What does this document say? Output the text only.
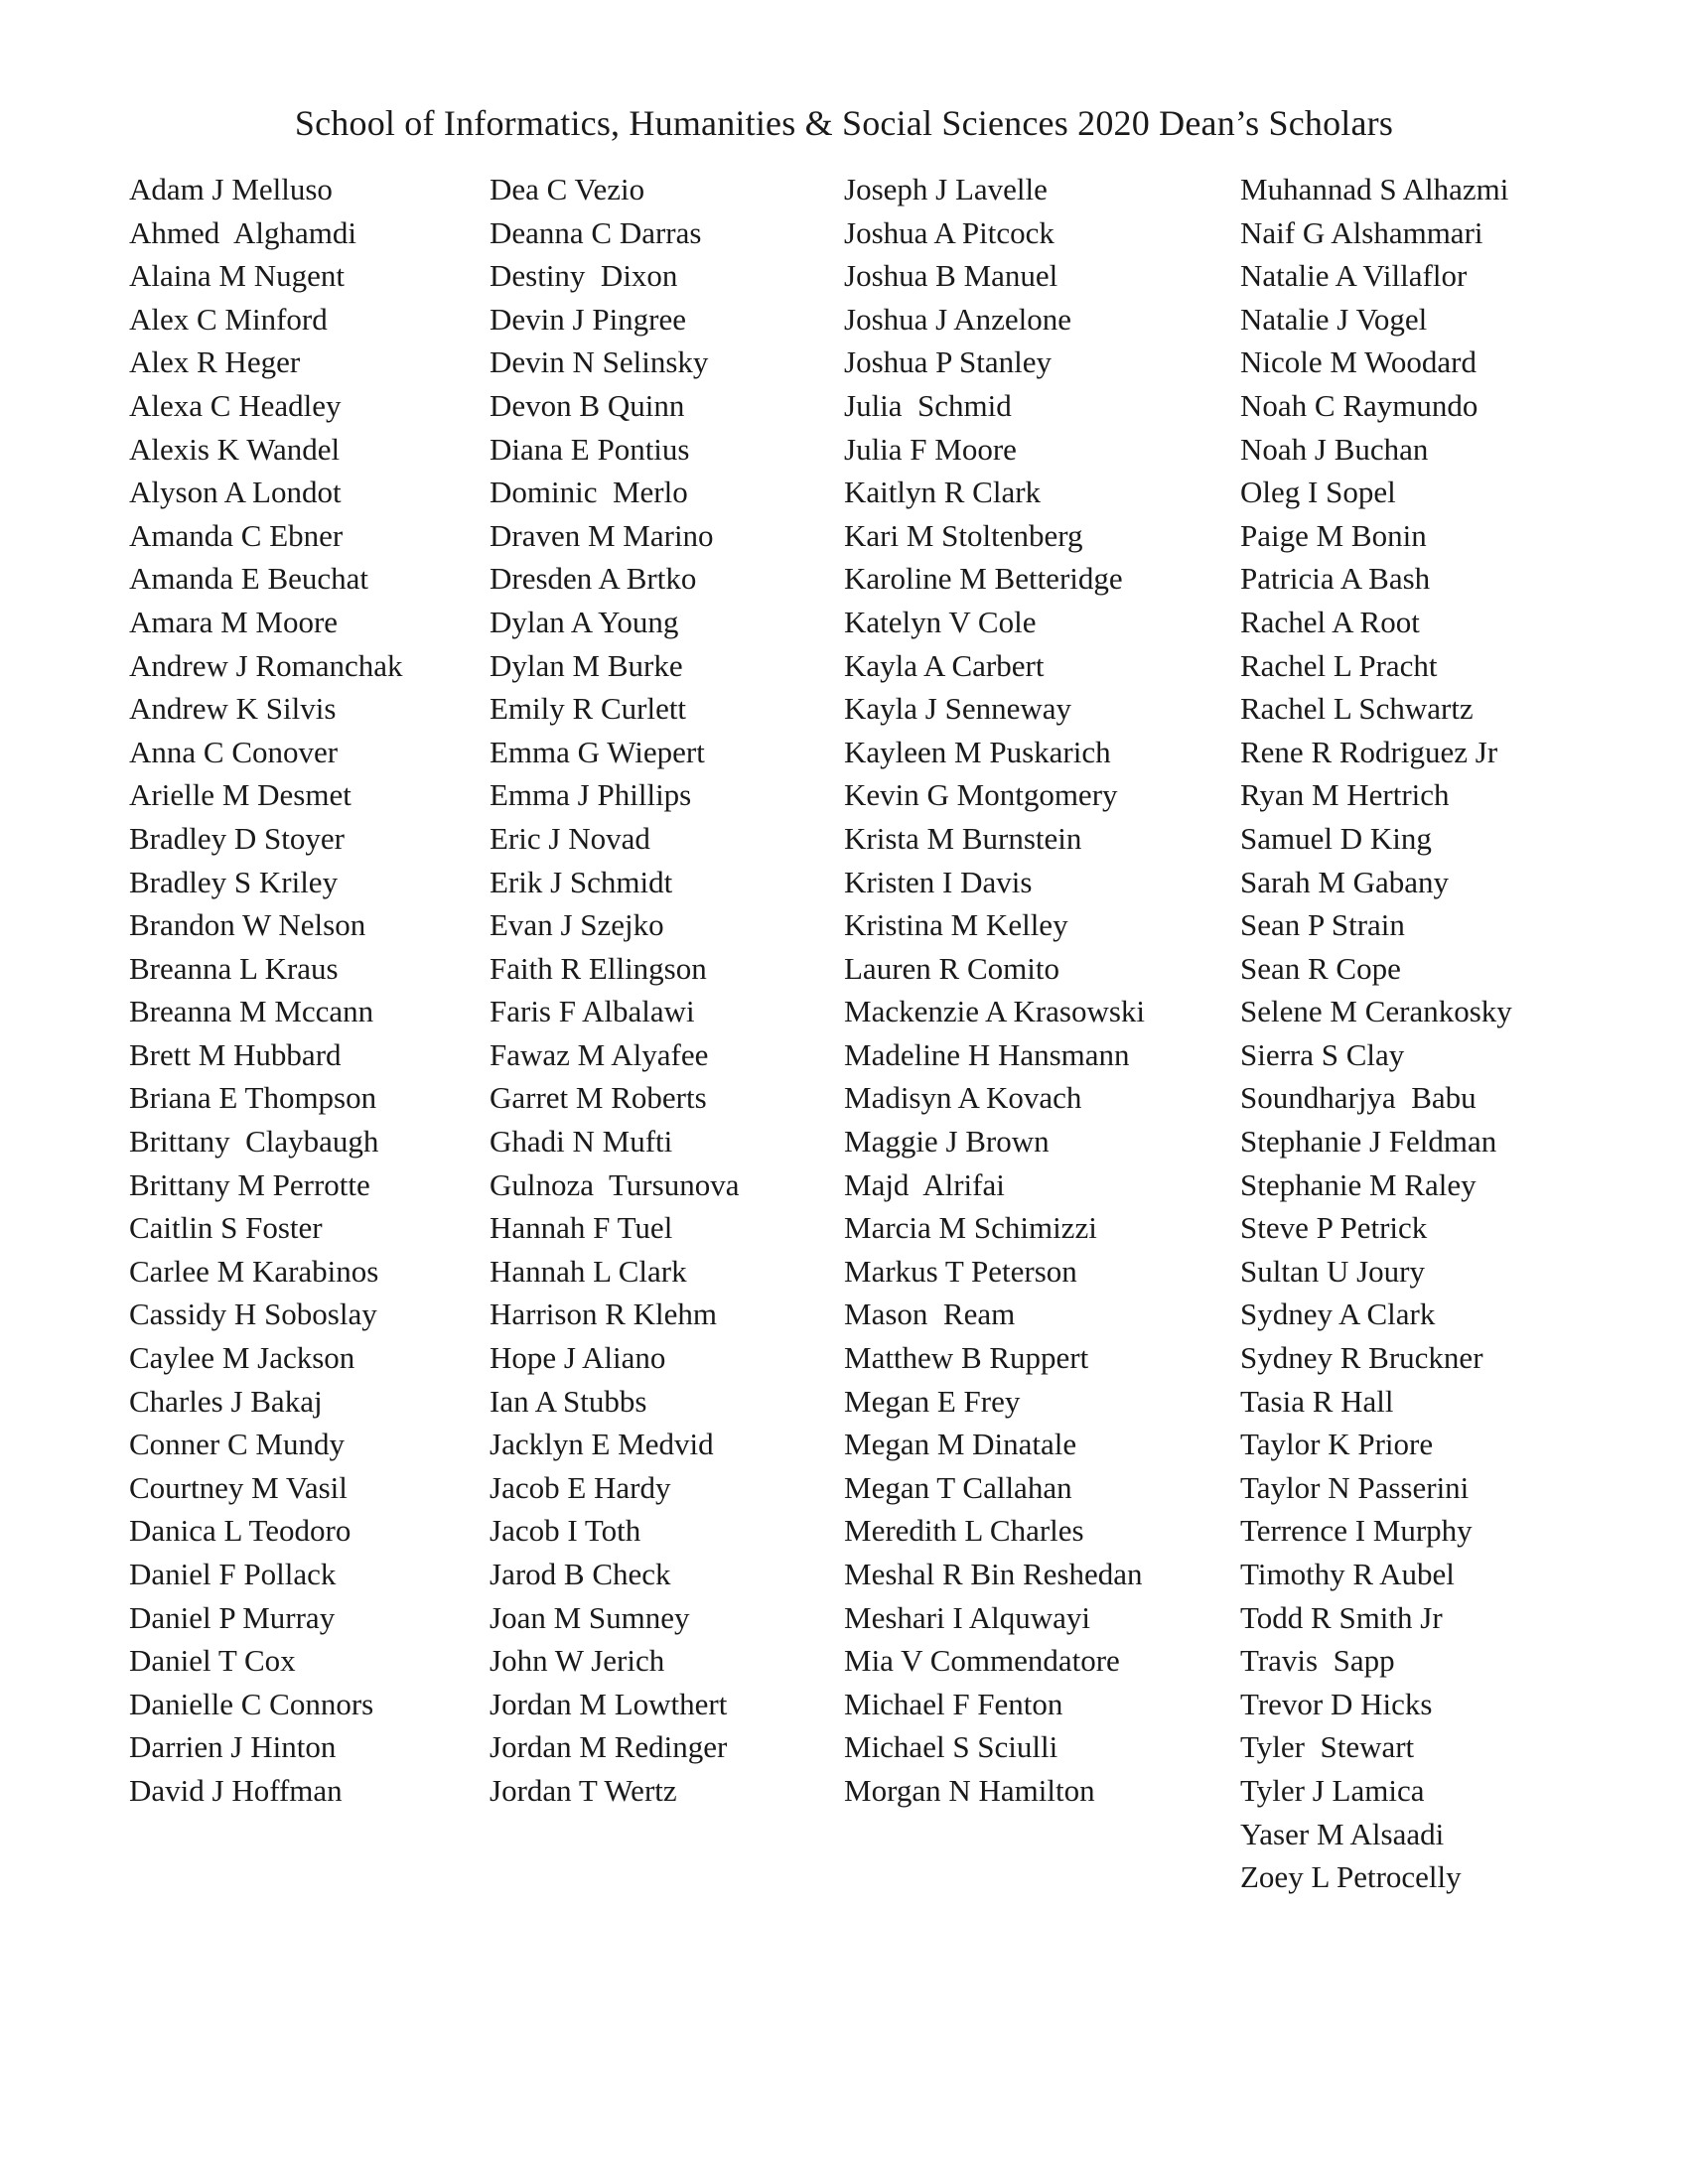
School of Informatics, Humanities & Social Sciences 2020 Dean’s Scholars
Adam J Melluso
Ahmed  Alghamdi
Alaina M Nugent
Alex C Minford
Alex R Heger
Alexa C Headley
Alexis K Wandel
Alyson A Londot
Amanda C Ebner
Amanda E Beuchat
Amara M Moore
Andrew J Romanchak
Andrew K Silvis
Anna C Conover
Arielle M Desmet
Bradley D Stoyer
Bradley S Kriley
Brandon W Nelson
Breanna L Kraus
Breanna M Mccann
Brett M Hubbard
Briana E Thompson
Brittany  Claybaugh
Brittany M Perrotte
Caitlin S Foster
Carlee M Karabinos
Cassidy H Soboslay
Caylee M Jackson
Charles J Bakaj
Conner C Mundy
Courtney M Vasil
Danica L Teodoro
Daniel F Pollack
Daniel P Murray
Daniel T Cox
Danielle C Connors
Darrien J Hinton
David J Hoffman
Dea C Vezio
Deanna C Darras
Destiny  Dixon
Devin J Pingree
Devin N Selinsky
Devon B Quinn
Diana E Pontius
Dominic  Merlo
Draven M Marino
Dresden A Brtko
Dylan A Young
Dylan M Burke
Emily R Curlett
Emma G Wiepert
Emma J Phillips
Eric J Novad
Erik J Schmidt
Evan J Szejko
Faith R Ellingson
Faris F Albalawi
Fawaz M Alyafee
Garret M Roberts
Ghadi N Mufti
Gulnoza  Tursunova
Hannah F Tuel
Hannah L Clark
Harrison R Klehm
Hope J Aliano
Ian A Stubbs
Jacklyn E Medvid
Jacob E Hardy
Jacob I Toth
Jarod B Check
Joan M Sumney
John W Jerich
Jordan M Lowthert
Jordan M Redinger
Jordan T Wertz
Joseph J Lavelle
Joshua A Pitcock
Joshua B Manuel
Joshua J Anzelone
Joshua P Stanley
Julia  Schmid
Julia F Moore
Kaitlyn R Clark
Kari M Stoltenberg
Karoline M Betteridge
Katelyn V Cole
Kayla A Carbert
Kayla J Senneway
Kayleen M Puskarich
Kevin G Montgomery
Krista M Burnstein
Kristen I Davis
Kristina M Kelley
Lauren R Comito
Mackenzie A Krasowski
Madeline H Hansmann
Madisyn A Kovach
Maggie J Brown
Majd  Alrifai
Marcia M Schimizzi
Markus T Peterson
Mason  Ream
Matthew B Ruppert
Megan E Frey
Megan M Dinatale
Megan T Callahan
Meredith L Charles
Meshal R Bin Reshedan
Meshari I Alquwayi
Mia V Commendatore
Michael F Fenton
Michael S Sciulli
Morgan N Hamilton
Muhannad S Alhazmi
Naif G Alshammari
Natalie A Villaflor
Natalie J Vogel
Nicole M Woodard
Noah C Raymundo
Noah J Buchan
Oleg I Sopel
Paige M Bonin
Patricia A Bash
Rachel A Root
Rachel L Pracht
Rachel L Schwartz
Rene R Rodriguez Jr
Ryan M Hertrich
Samuel D King
Sarah M Gabany
Sean P Strain
Sean R Cope
Selene M Cerankosky
Sierra S Clay
Soundharjya  Babu
Stephanie J Feldman
Stephanie M Raley
Steve P Petrick
Sultan U Joury
Sydney A Clark
Sydney R Bruckner
Tasia R Hall
Taylor K Priore
Taylor N Passerini
Terrence I Murphy
Timothy R Aubel
Todd R Smith Jr
Travis  Sapp
Trevor D Hicks
Tyler  Stewart
Tyler J Lamica
Yaser M Alsaadi
Zoey L Petrocelly
